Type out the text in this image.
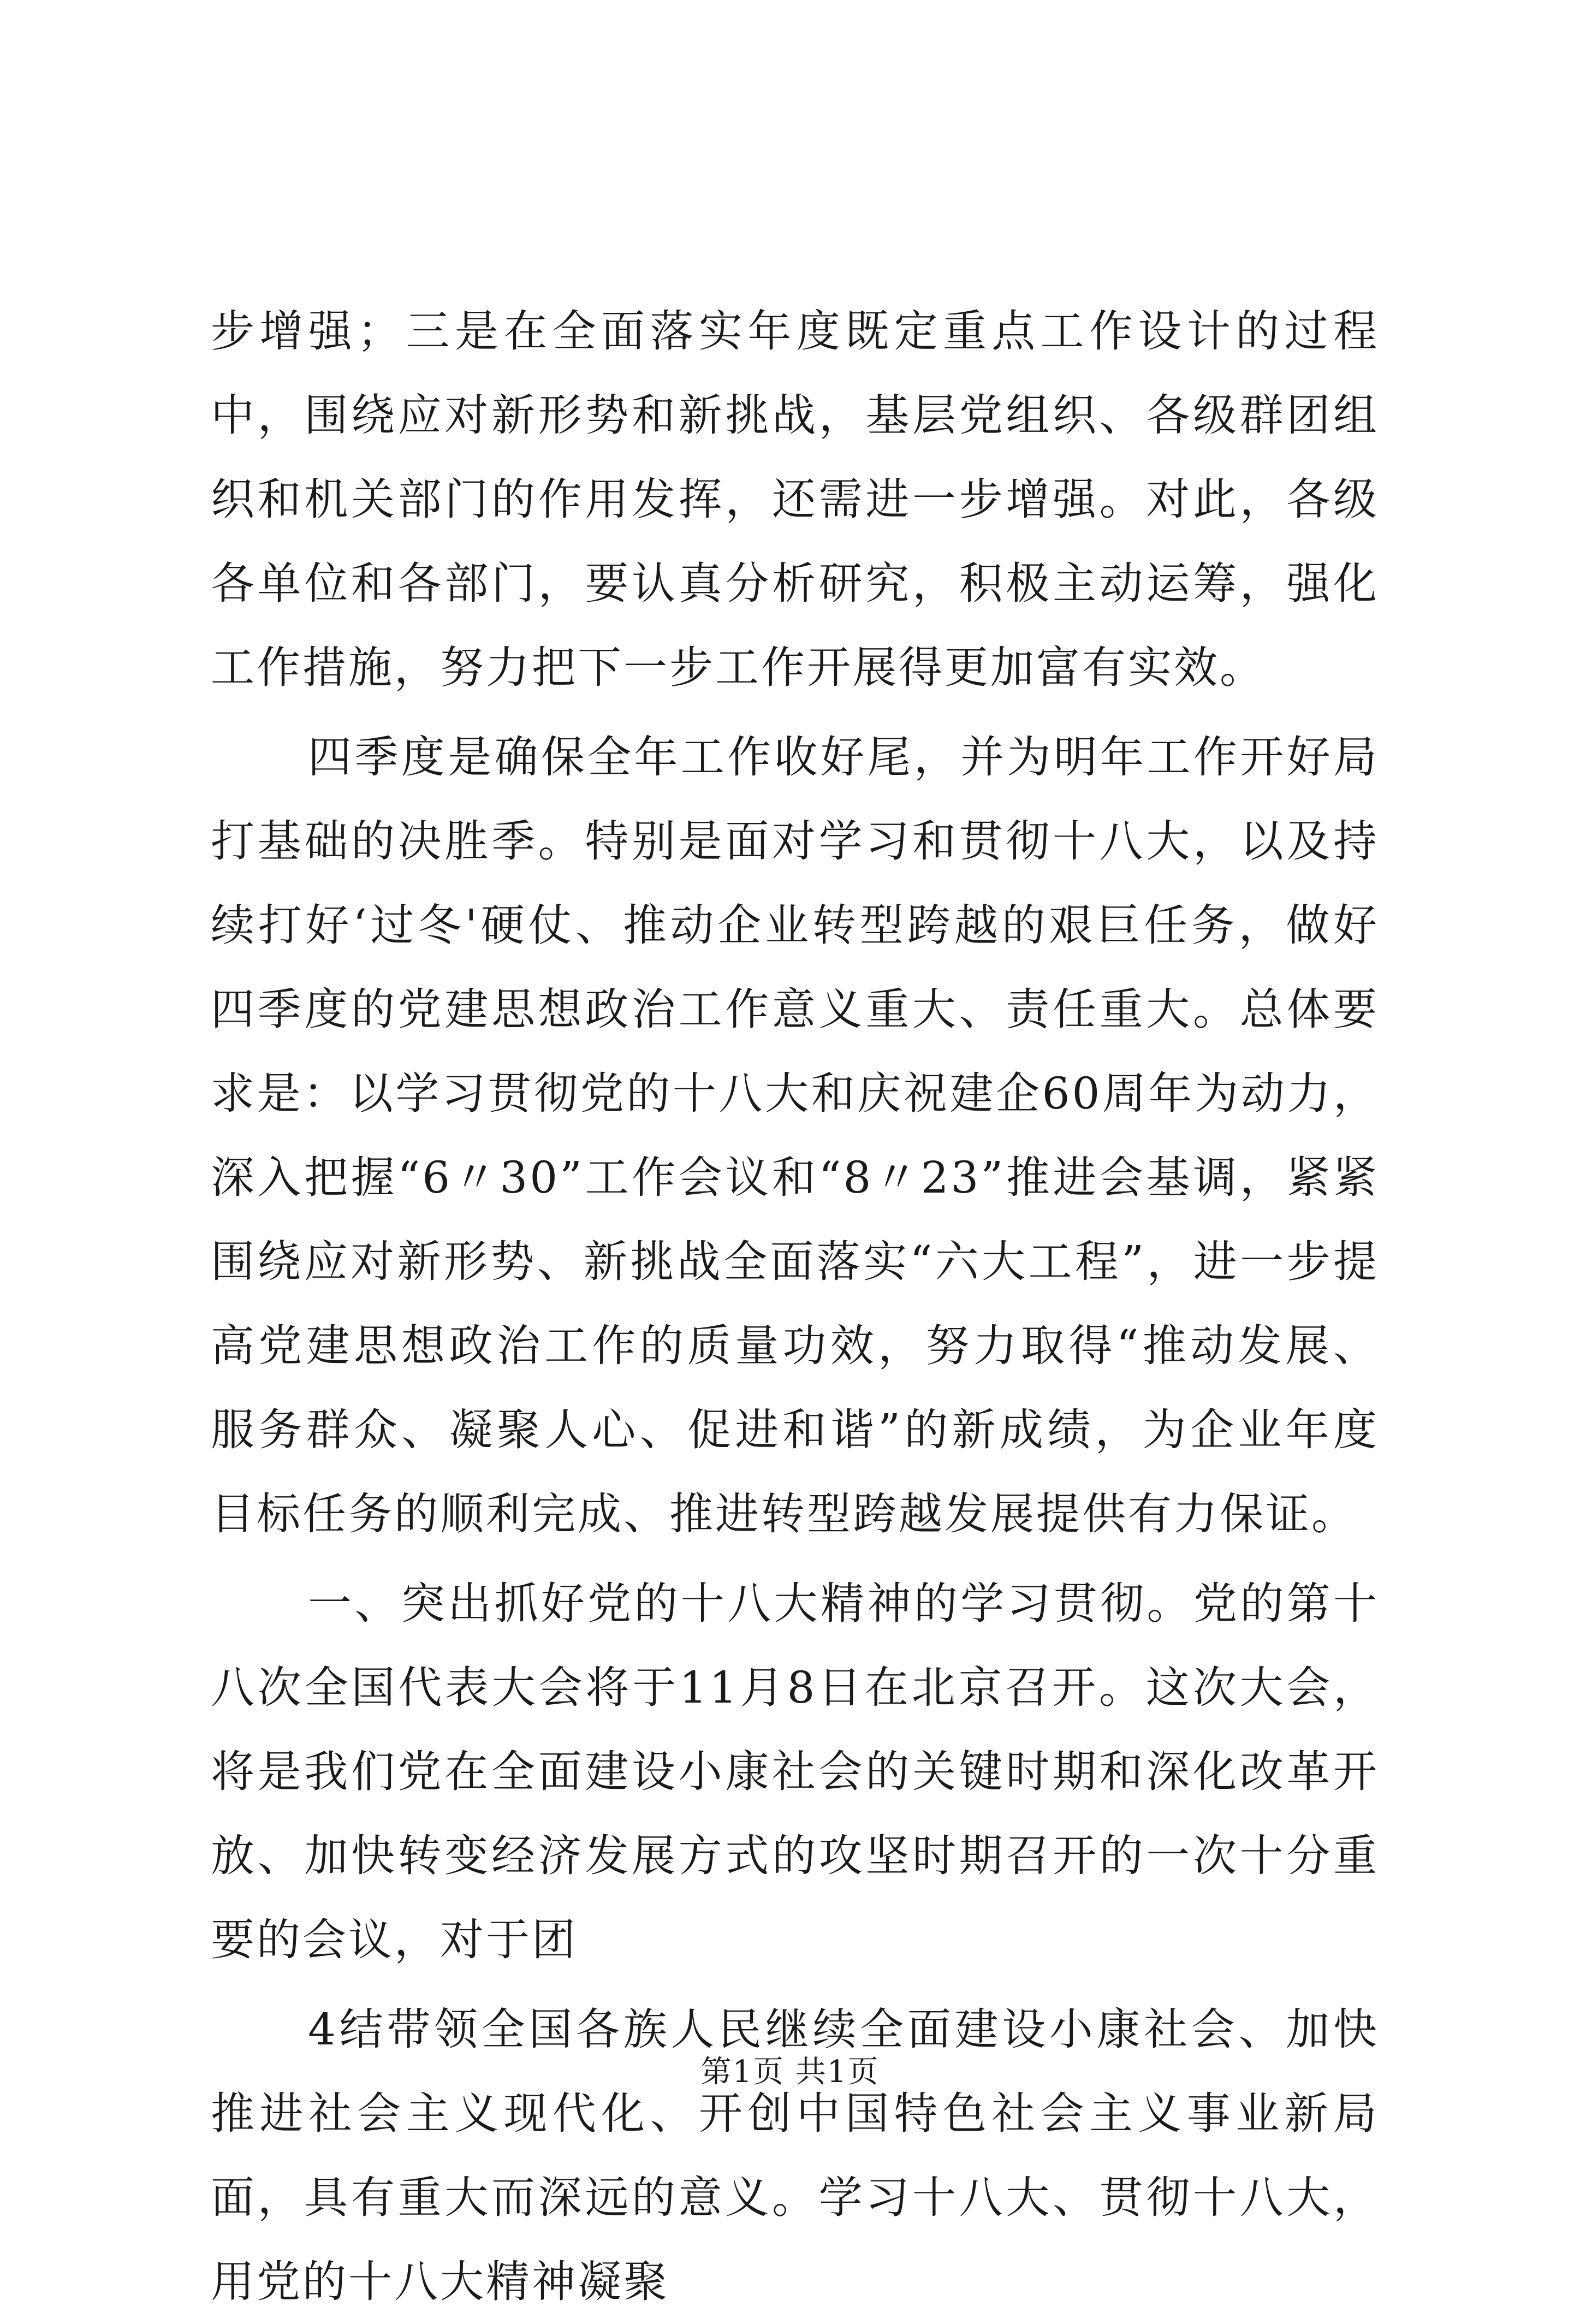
步增强；三是在全面落实年度既定重点工作设计的过程中，围绕应对新形势和新挑战，基层党组织、各级群团组织和机关部门的作用发挥，还需进一步增强。对此，各级各单位和各部门，要认真分析研究，积极主动运筹，强化工作措施，努力把下一步工作开展得更加富有实效。

四季度是确保全年工作收好尾，并为明年工作开好局打基础的决胜季。特别是面对学习和贯彻十八大，以及持续打好‘过冬'硬仗、推动企业转型跨越的艰巨任务，做好四季度的党建思想政治工作意义重大、责任重大。总体要求是：以学习贯彻党的十八大和庆祝建企60周年为动力，深入把握“6〃30”工作会议和“8〃23”推进会基调，紧紧围绕应对新形势、新挑战全面落实“六大工程”，进一步提高党建思想政治工作的质量功效，努力取得“推动发展、服务群众、凝聚人心、促进和谐”的新成绩，为企业年度目标任务的顺利完成、推进转型跨越发展提供有力保证。

一、突出抓好党的十八大精神的学习贯彻。党的第十八次全国代表大会将于11月8日在北京召开。这次大会，将是我们党在全面建设小康社会的关键时期和深化改革开放、加快转变经济发展方式的攻坚时期召开的一次十分重要的会议，对于团

4结带领全国各族人民继续全面建设小康社会、加快推进社会主义现代化、开创中国特色社会主义事业新局面，具有重大而深远的意义。学习十八大、贯彻十八大，用党的十八大精神凝聚

第1页 共1页
